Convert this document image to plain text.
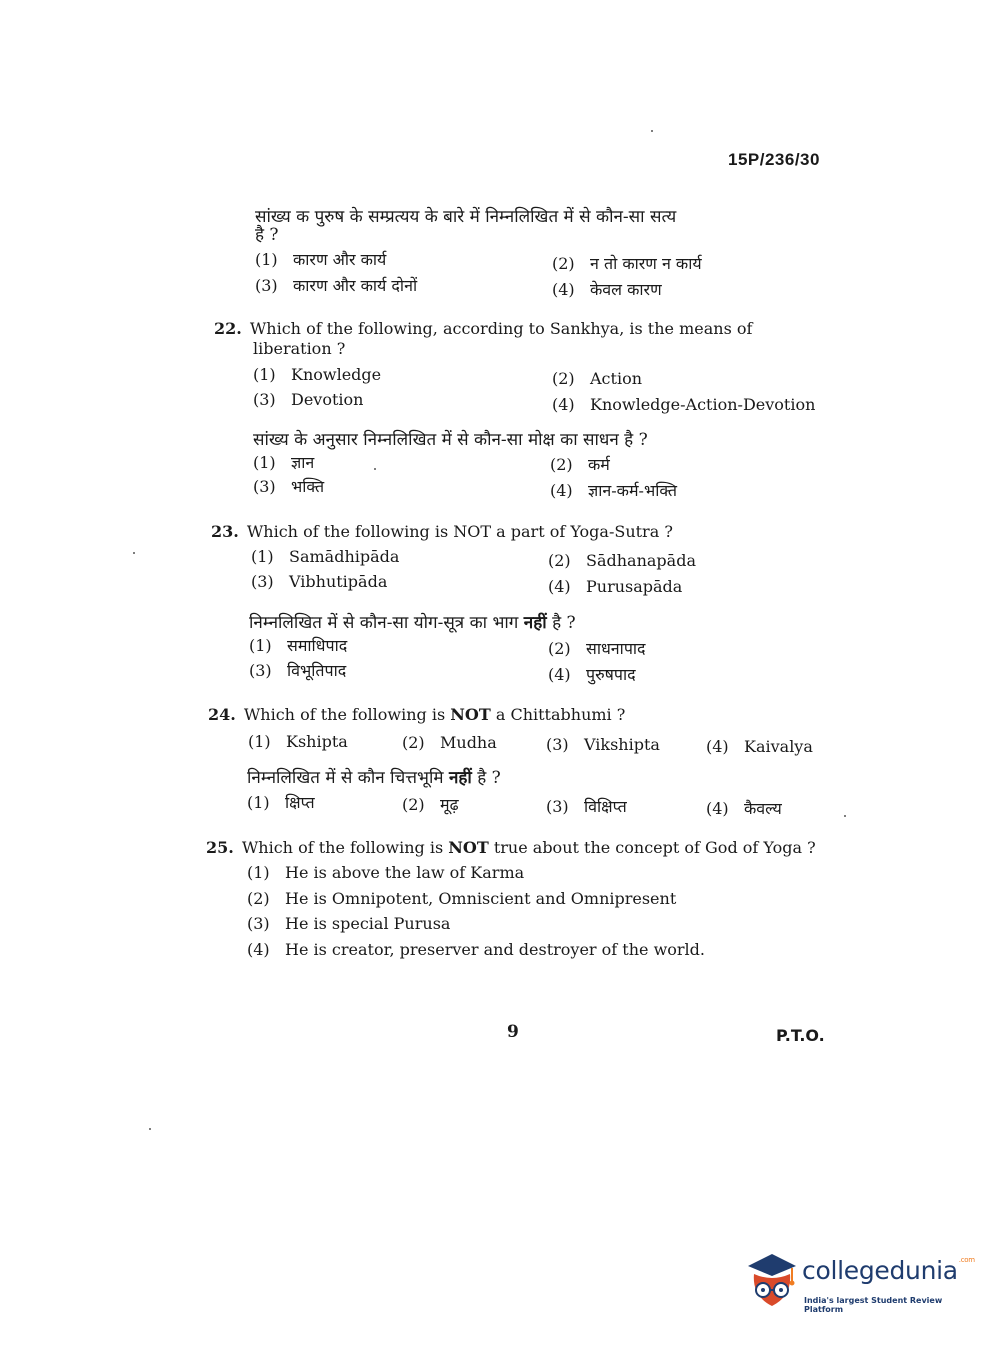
15P/236/30
सांख्य क पुरुष के सम्प्रत्यय के बारे में निम्नलिखित में से कौन-सा सत्य
है ?
(1) कारण और कार्य	(2) न तो कारण न कार्य
(3) कारण और कार्य दोनों	(4) केवल कारण
22. Which of the following, according to Sankhya, is the means of
liberation ?
(1) Knowledge	(2) Action
(3) Devotion	(4) Knowledge-Action-Devotion
सांख्य के अनुसार निम्नलिखित में से कौन-सा मोक्ष का साधन है ?
(1) ज्ञान	(2) कर्म
(3) भक्ति	(4) ज्ञान-कर्म-भक्ति
23. Which of the following is NOT a part of Yoga-Sutra ?
(1) Samādhipāda	(2) Sādhanapāda
(3) Vibhutipāda	(4) Purusapāda
निम्नलिखित में से कौन-सा योग-सूत्र का भाग नहीं है ?
(1) समाधिपाद	(2) साधनापाद
(3) विभूतिपाद	(4) पुरुषपाद
24. Which of the following is NOT a Chittabhumi ?
(1) Kshipta	(2) Mudha	(3) Vikshipta	(4) Kaivalya
निम्नलिखित में से कौन चित्तभूमि नहीं है ?
(1) क्षिप्त	(2) मूढ़	(3) विक्षिप्त	(4) कैवल्य
25. Which of the following is NOT true about the concept of God of Yoga ?
(1) He is above the law of Karma
(2) He is Omnipotent, Omniscient and Omnipresent
(3) He is special Purusa
(4) He is creator, preserver and destroyer of the world.
9	P.T.O.
collegedunia$^{.com}$
India's largest Student Review Platform
